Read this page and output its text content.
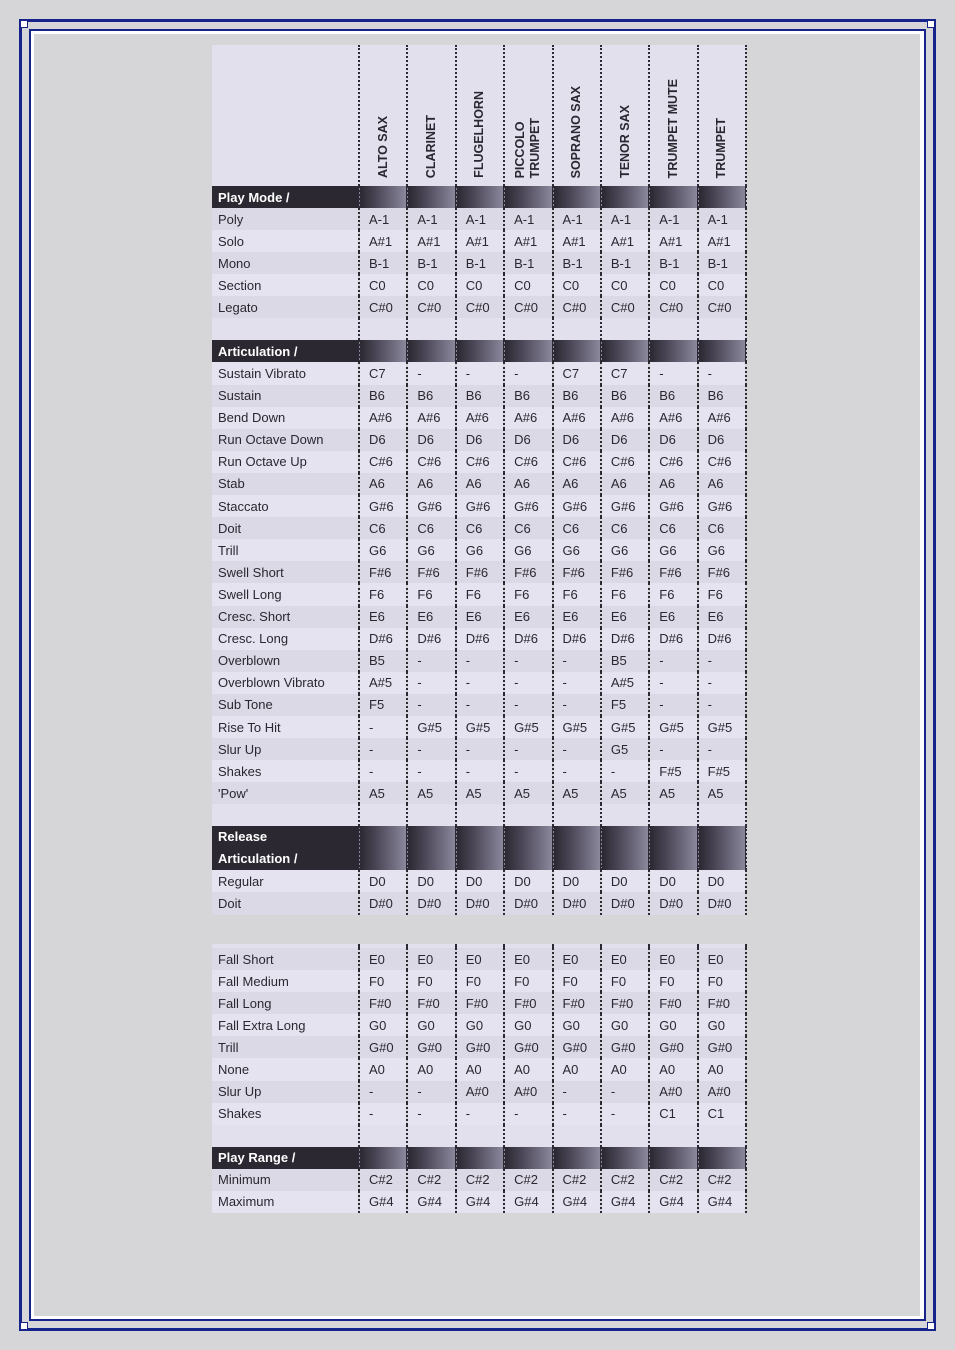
	ALTO SAX	CLARINET	FLUGELHORN	PICCOLO
TRUMPET	SOPRANO SAX	TENOR SAX	TRUMPET MUTE	TRUMPET

Play Mode /								
Poly	A-1	A-1	A-1	A-1	A-1	A-1	A-1	A-1
Solo	A#1	A#1	A#1	A#1	A#1	A#1	A#1	A#1
Mono	B-1	B-1	B-1	B-1	B-1	B-1	B-1	B-1
Section	C0	C0	C0	C0	C0	C0	C0	C0
Legato	C#0	C#0	C#0	C#0	C#0	C#0	C#0	C#0

Articulation /								
Sustain Vibrato	C7	-	-	-	C7	C7	-	-
Sustain	B6	B6	B6	B6	B6	B6	B6	B6
Bend Down	A#6	A#6	A#6	A#6	A#6	A#6	A#6	A#6
Run Octave Down	D6	D6	D6	D6	D6	D6	D6	D6
Run Octave Up	C#6	C#6	C#6	C#6	C#6	C#6	C#6	C#6
Stab	A6	A6	A6	A6	A6	A6	A6	A6
Staccato	G#6	G#6	G#6	G#6	G#6	G#6	G#6	G#6
Doit	C6	C6	C6	C6	C6	C6	C6	C6
Trill	G6	G6	G6	G6	G6	G6	G6	G6
Swell Short	F#6	F#6	F#6	F#6	F#6	F#6	F#6	F#6
Swell Long	F6	F6	F6	F6	F6	F6	F6	F6
Cresc. Short	E6	E6	E6	E6	E6	E6	E6	E6
Cresc. Long	D#6	D#6	D#6	D#6	D#6	D#6	D#6	D#6
Overblown	B5	-	-	-	-	B5	-	-
Overblown Vibrato	A#5	-	-	-	-	A#5	-	-
Sub Tone	F5	-	-	-	-	F5	-	-
Rise To Hit	-	G#5	G#5	G#5	G#5	G#5	G#5	G#5
Slur Up	-	-	-	-	-	G5	-	-
Shakes	-	-	-	-	-	-	F#5	F#5
'Pow'	A5	A5	A5	A5	A5	A5	A5	A5

Release
Articulation /								
Regular	D0	D0	D0	D0	D0	D0	D0	D0
Doit	D#0	D#0	D#0	D#0	D#0	D#0	D#0	D#0

Fall Short	E0	E0	E0	E0	E0	E0	E0	E0
Fall Medium	F0	F0	F0	F0	F0	F0	F0	F0
Fall Long	F#0	F#0	F#0	F#0	F#0	F#0	F#0	F#0
Fall Extra Long	G0	G0	G0	G0	G0	G0	G0	G0
Trill	G#0	G#0	G#0	G#0	G#0	G#0	G#0	G#0
None	A0	A0	A0	A0	A0	A0	A0	A0
Slur Up	-	-	A#0	A#0	-	-	A#0	A#0
Shakes	-	-	-	-	-	-	C1	C1

Play Range /								
Minimum	C#2	C#2	C#2	C#2	C#2	C#2	C#2	C#2
Maximum	G#4	G#4	G#4	G#4	G#4	G#4	G#4	G#4
